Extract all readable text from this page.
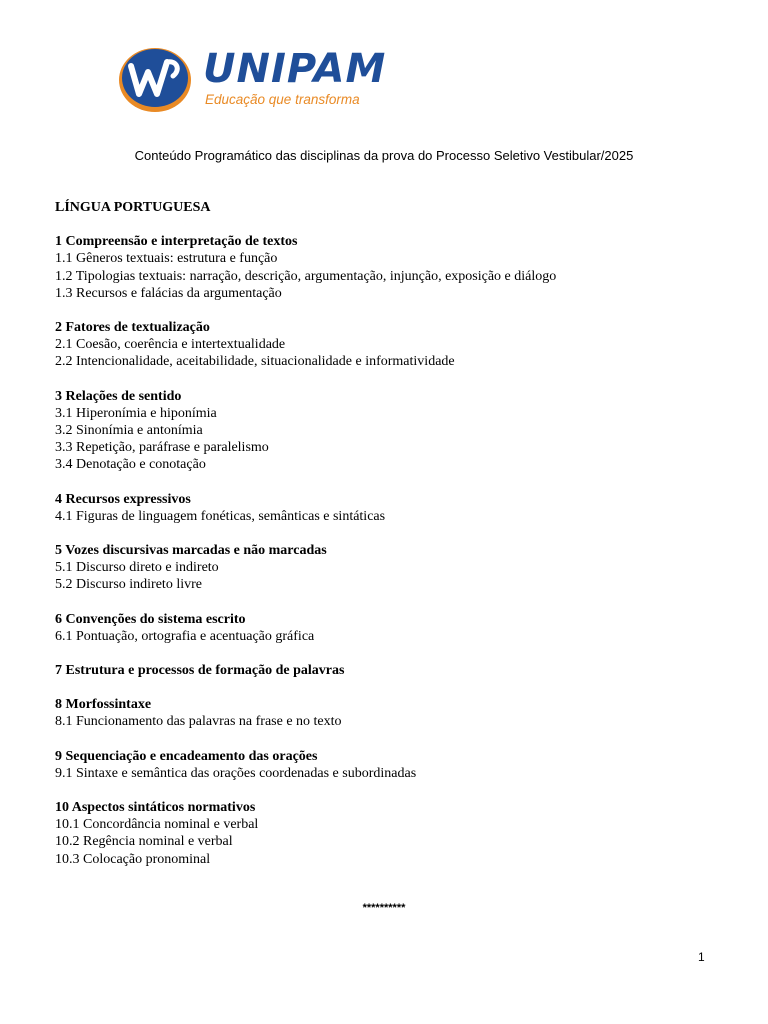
UNIPAM
Educação que transforma
Conteúdo Programático das disciplinas da prova do Processo Seletivo Vestibular/2025
LÍNGUA PORTUGUESA
1 Compreensão e interpretação de textos
1.1 Gêneros textuais: estrutura e função
1.2 Tipologias textuais: narração, descrição, argumentação, injunção, exposição e diálogo
1.3 Recursos e falácias da argumentação
2 Fatores de textualização
2.1 Coesão, coerência e intertextualidade
2.2 Intencionalidade, aceitabilidade, situacionalidade e informatividade
3 Relações de sentido
3.1 Hiperonímia e hiponímia
3.2 Sinonímia e antonímia
3.3 Repetição, paráfrase e paralelismo
3.4 Denotação e conotação
4 Recursos expressivos
4.1 Figuras de linguagem fonéticas, semânticas e sintáticas
5 Vozes discursivas marcadas e não marcadas
5.1 Discurso direto e indireto
5.2 Discurso indireto livre
6 Convenções do sistema escrito
6.1 Pontuação, ortografia e acentuação gráfica
7 Estrutura e processos de formação de palavras
8 Morfossintaxe
8.1 Funcionamento das palavras na frase e no texto
9 Sequenciação e encadeamento das orações
9.1 Sintaxe e semântica das orações coordenadas e subordinadas
10 Aspectos sintáticos normativos
10.1 Concordância nominal e verbal
10.2 Regência nominal e verbal
10.3 Colocação pronominal
**********
1
